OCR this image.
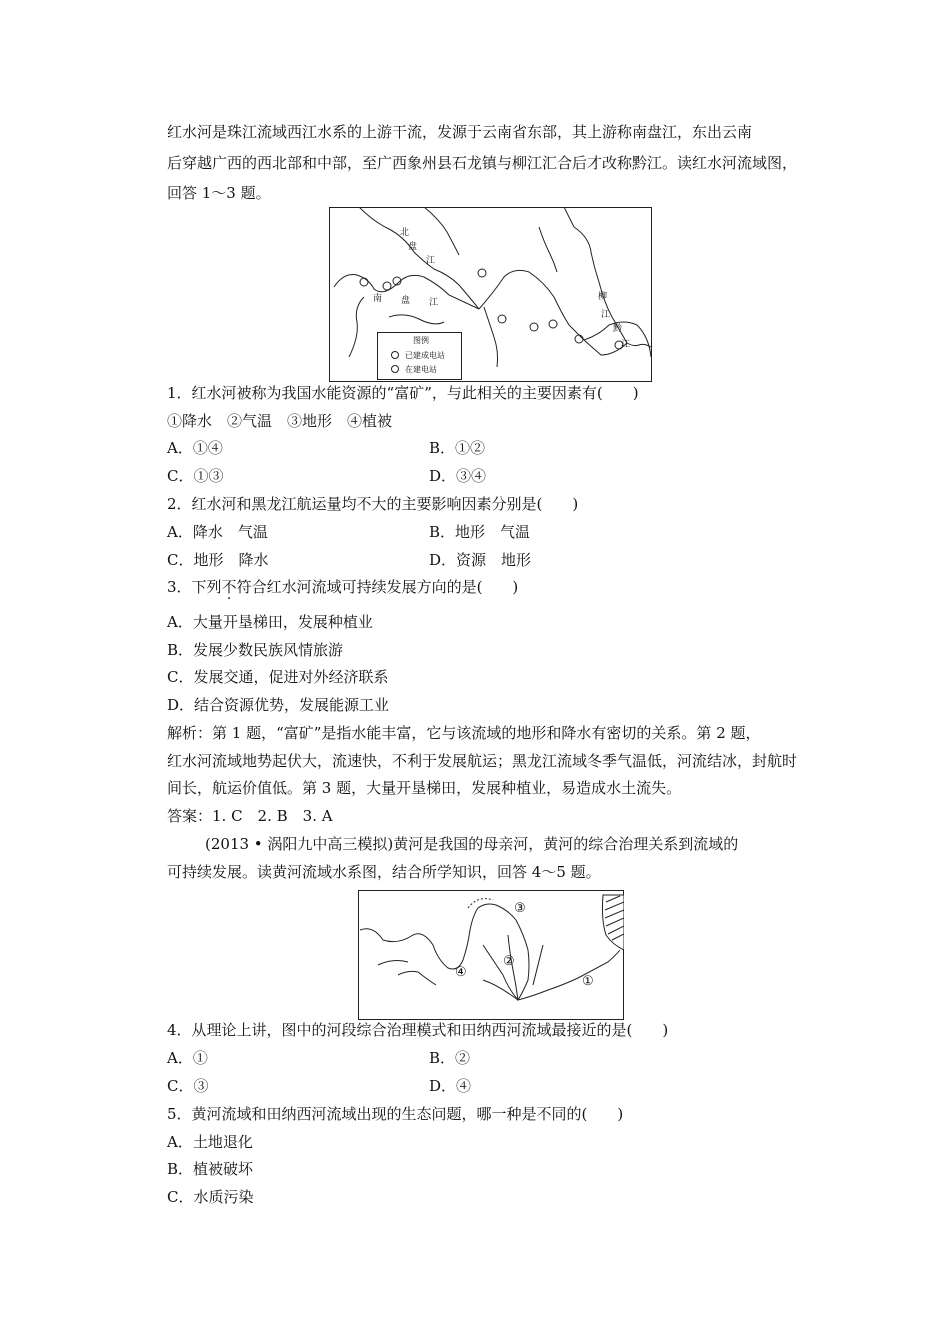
红水河是珠江流域西江水系的上游干流，发源于云南省东部，其上游称南盘江，东出云南
后穿越广西的西北部和中部，至广西象州县石龙镇与柳江汇合后才改称黔江。读红水河流域图，
回答 1～3 题。
北
盘
江
南 盘 江
柳
江
黔
江
图例
已建成电站
在建电站
1．红水河被称为我国水能资源的“富矿”，与此相关的主要因素有(　　)
①降水　②气温　③地形　④植被
A．①④	B．①②
C．①③	D．③④
2．红水河和黑龙江航运量均不大的主要影响因素分别是(　　)
A．降水　气温	B．地形　气温
C．地形　降水	D．资源　地形
3．下列不符合红水河流域可持续发展方向的是(　　)
A．大量开垦梯田，发展种植业
B．发展少数民族风情旅游
C．发展交通，促进对外经济联系
D．结合资源优势，发展能源工业
解析：第 1 题，“富矿”是指水能丰富，它与该流域的地形和降水有密切的关系。第 2 题，
红水河流域地势起伏大，流速快，不利于发展航运；黑龙江流域冬季气温低，河流结冰，封航时
间长，航运价值低。第 3 题，大量开垦梯田，发展种植业，易造成水土流失。
答案：1. C　2. B　3. A
(2013 • 涡阳九中高三模拟)黄河是我国的母亲河，黄河的综合治理关系到流域的
可持续发展。读黄河流域水系图，结合所学知识，回答 4～5 题。
③
②
④
①
4．从理论上讲，图中的河段综合治理模式和田纳西河流域最接近的是(　　)
A．①	B．②
C．③	D．④
5．黄河流域和田纳西河流域出现的生态问题，哪一种是不同的(　　)
A．土地退化
B．植被破坏
C．水质污染
